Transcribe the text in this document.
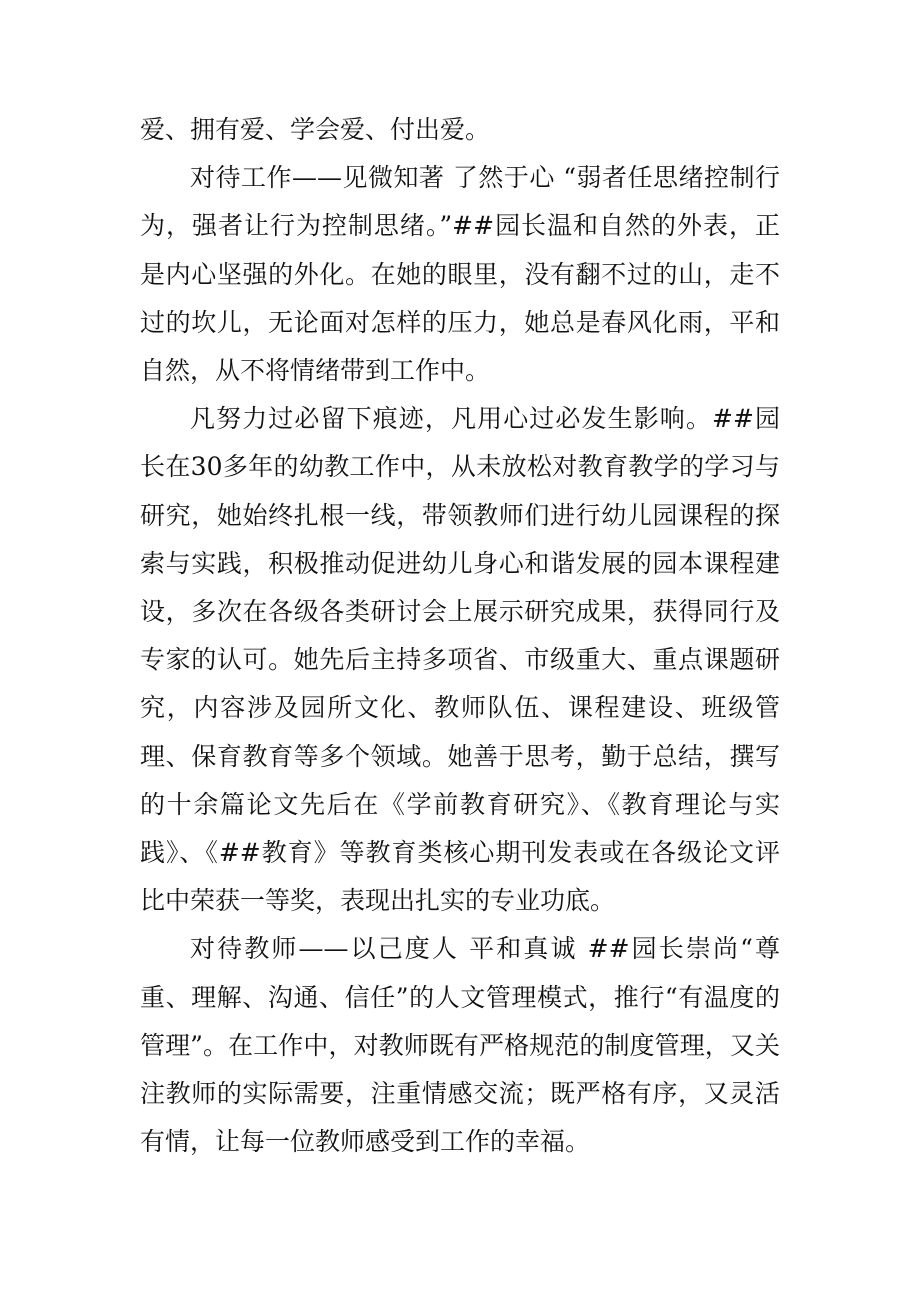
爱、拥有爱、学会爱、付出爱。

对待工作——见微知著 了然于心 “弱者任思绪控制行为，强者让行为控制思绪。”##园长温和自然的外表，正是内心坚强的外化。在她的眼里，没有翻不过的山，走不过的坎儿，无论面对怎样的压力，她总是春风化雨，平和自然，从不将情绪带到工作中。

凡努力过必留下痕迹，凡用心过必发生影响。##园长在30多年的幼教工作中，从未放松对教育教学的学习与研究，她始终扎根一线，带领教师们进行幼儿园课程的探索与实践，积极推动促进幼儿身心和谐发展的园本课程建设，多次在各级各类研讨会上展示研究成果，获得同行及专家的认可。她先后主持多项省、市级重大、重点课题研究，内容涉及园所文化、教师队伍、课程建设、班级管理、保育教育等多个领域。她善于思考，勤于总结，撰写的十余篇论文先后在《学前教育研究》、《教育理论与实践》、《##教育》等教育类核心期刊发表或在各级论文评比中荣获一等奖，表现出扎实的专业功底。

对待教师——以己度人 平和真诚 ##园长崇尚“尊重、理解、沟通、信任”的人文管理模式，推行“有温度的管理”。在工作中，对教师既有严格规范的制度管理，又关注教师的实际需要，注重情感交流；既严格有序，又灵活有情，让每一位教师感受到工作的幸福。
